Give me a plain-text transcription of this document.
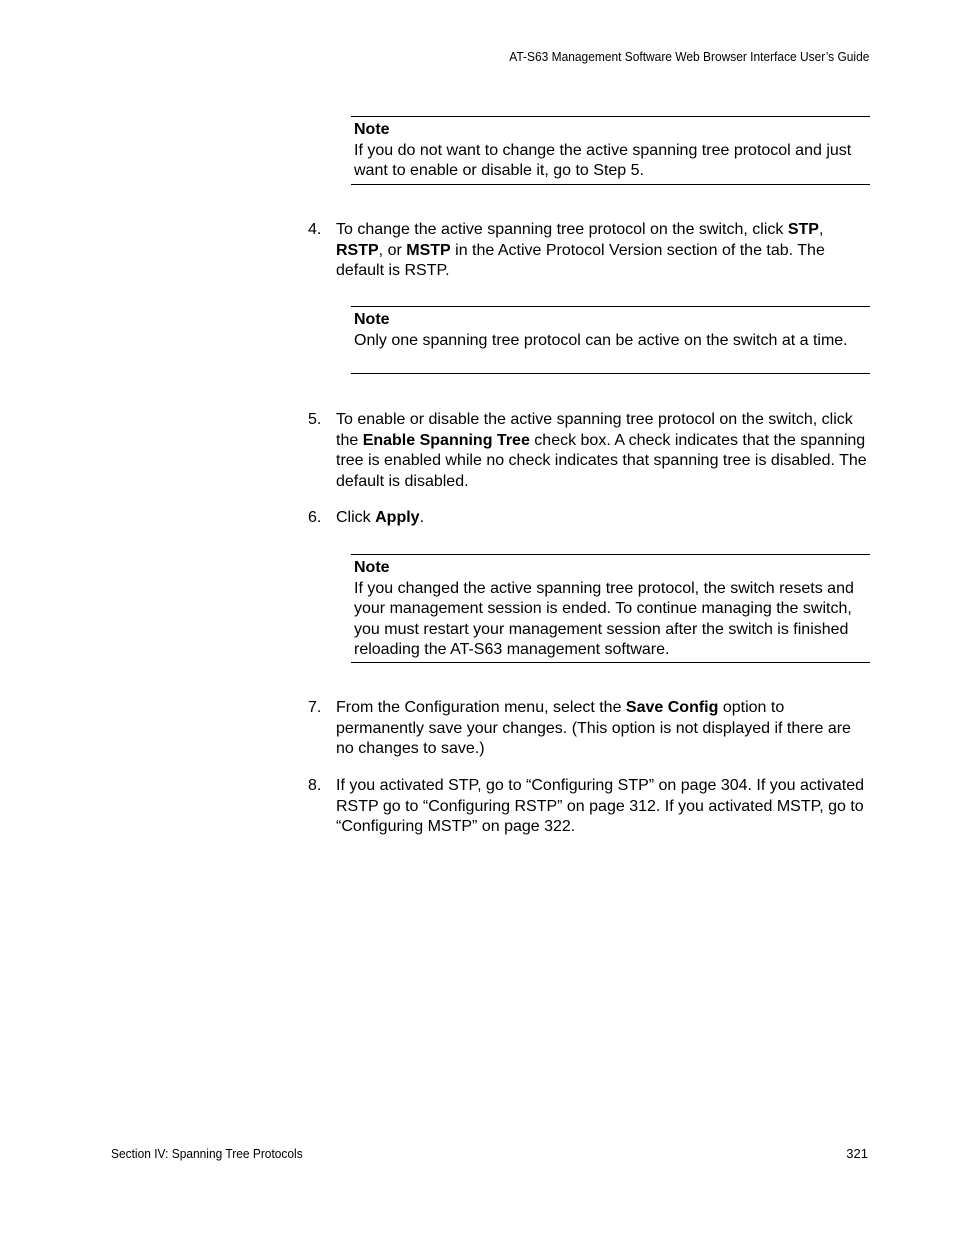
AT-S63 Management Software Web Browser Interface User’s Guide
Note
If you do not want to change the active spanning tree protocol and just want to enable or disable it, go to Step 5.
4. To change the active spanning tree protocol on the switch, click STP, RSTP, or MSTP in the Active Protocol Version section of the tab. The default is RSTP.
Note
Only one spanning tree protocol can be active on the switch at a time.
5. To enable or disable the active spanning tree protocol on the switch, click the Enable Spanning Tree check box. A check indicates that the spanning tree is enabled while no check indicates that spanning tree is disabled. The default is disabled.
6. Click Apply.
Note
If you changed the active spanning tree protocol, the switch resets and your management session is ended. To continue managing the switch, you must restart your management session after the switch is finished reloading the AT-S63 management software.
7. From the Configuration menu, select the Save Config option to permanently save your changes. (This option is not displayed if there are no changes to save.)
8. If you activated STP, go to “Configuring STP” on page 304. If you activated RSTP go to “Configuring RSTP” on page 312. If you activated MSTP, go to “Configuring MSTP” on page 322.
Section IV: Spanning Tree Protocols	321
